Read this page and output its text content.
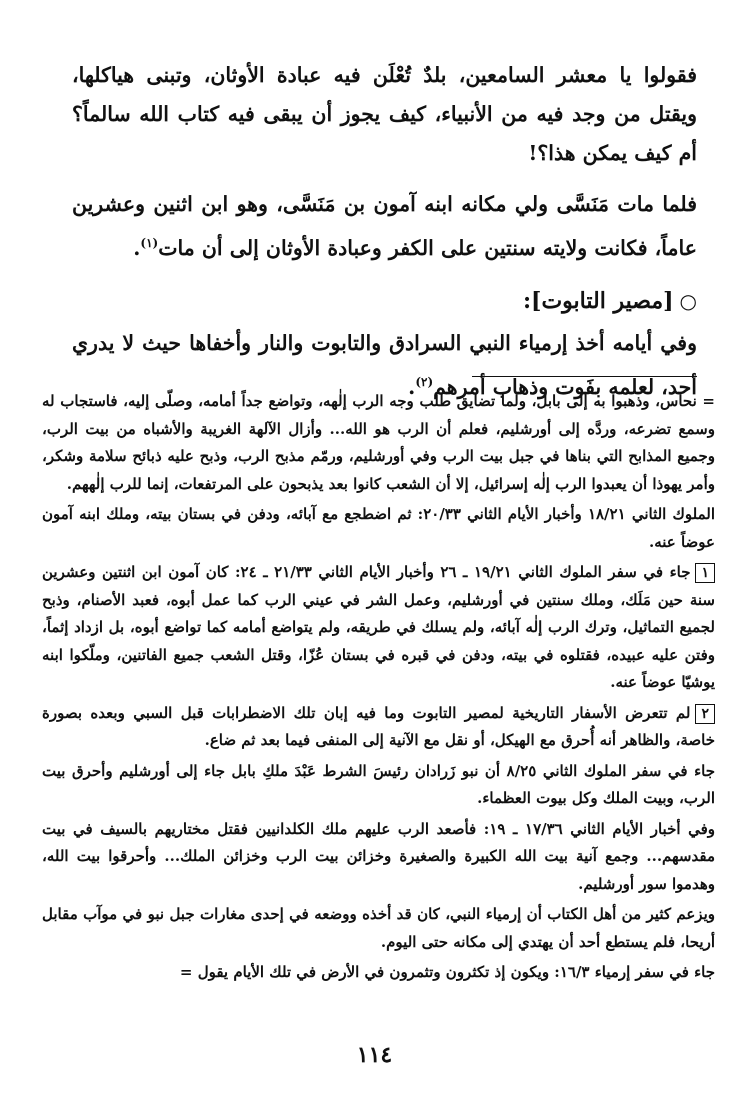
فقولوا يا معشر السامعين، بلدٌ تُعْلَن فيه عبادة الأوثان، وتبنى هياكلها، ويقتل من وجد فيه من الأنبياء، كيف يجوز أن يبقى فيه كتاب الله سالماً؟ أم كيف يمكن هذا؟!

فلما مات مَنَسَّى ولي مكانه ابنه آمون بن مَنَسَّى، وهو ابن اثنين وعشرين عاماً، فكانت ولايته سنتين على الكفر وعبادة الأوثان إلى أن مات$^{(١)}$.

○[مصير التابوت]:

وفي أيامه أخذ إرمياء النبي السرادق والتابوت والنار وأخفاها حيث لا يدري أحد، لعلمه بفَوت وذهاب أمرهم$^{(٢)}$.

= نحاس، وذهبوا به إلى بابل، ولما تضايق طلب وجه الرب إلٰهه، وتواضع جداً أمامه، وصلّى إليه، فاستجاب له وسمع تضرعه، وردَّه إلى أورشليم، فعلم أن الرب هو الله... وأزال الآلهة الغريبة والأشباه من بيت الرب، وجميع المذابح التي بناها في جبل بيت الرب وفي أورشليم، ورمّم مذبح الرب، وذبح عليه ذبائح سلامة وشكر، وأمر يهوذا أن يعبدوا الرب إلٰه إسرائيل، إلا أن الشعب كانوا بعد يذبحون على المرتفعات، إنما للرب إلٰههم.

الملوك الثاني ١٨/٢١ وأخبار الأيام الثاني ٢٠/٣٣: ثم اضطجع مع آبائه، ودفن في بستان بيته، وملك ابنه آمون عوضاً عنه.

١جاء في سفر الملوك الثاني ١٩/٢١ ـ ٢٦ وأخبار الأيام الثاني ٢١/٣٣ ـ ٢٤: كان آمون ابن اثنتين وعشرين سنة حين مَلَك، وملك سنتين في أورشليم، وعمل الشر في عيني الرب كما عمل أبوه، فعبد الأصنام، وذبح لجميع التماثيل، وترك الرب إلٰه آبائه، ولم يسلك في طريقه، ولم يتواضع أمامه كما تواضع أبوه، بل ازداد إثماً، وفتن عليه عبيده، فقتلوه في بيته، ودفن في قبره في بستان عُزّا، وقتل الشعب جميع الفاتنين، وملّكوا ابنه يوشيّا عوضاً عنه.

٢لم تتعرض الأسفار التاريخية لمصير التابوت وما فيه إبان تلك الاضطرابات قبل السبي وبعده بصورة خاصة، والظاهر أنه أُحرق مع الهيكل، أو نقل مع الآنية إلى المنفى فيما بعد ثم ضاع.

جاء في سفر الملوك الثاني ٨/٢٥ أن نبو زَرادان رئيسَ الشرط عَبْدَ ملكِ بابل جاء إلى أورشليم وأحرق بيت الرب، وبيت الملك وكل بيوت العظماء.

وفي أخبار الأيام الثاني ١٧/٣٦ ـ ١٩: فأصعد الرب عليهم ملك الكلدانيين فقتل مختاريهم بالسيف في بيت مقدسهم... وجمع آنية بيت الله الكبيرة والصغيرة وخزائن بيت الرب وخزائن الملك... وأحرقوا بيت الله، وهدموا سور أورشليم.

ويزعم كثير من أهل الكتاب أن إرمياء النبي، كان قد أخذه ووضعه في إحدى مغارات جبل نبو في موآب مقابل أريحا، فلم يستطع أحد أن يهتدي إلى مكانه حتى اليوم.

جاء في سفر إرمياء ١٦/٣: ويكون إذ تكثرون وتثمرون في الأرض في تلك الأيام يقول =

١١٤
